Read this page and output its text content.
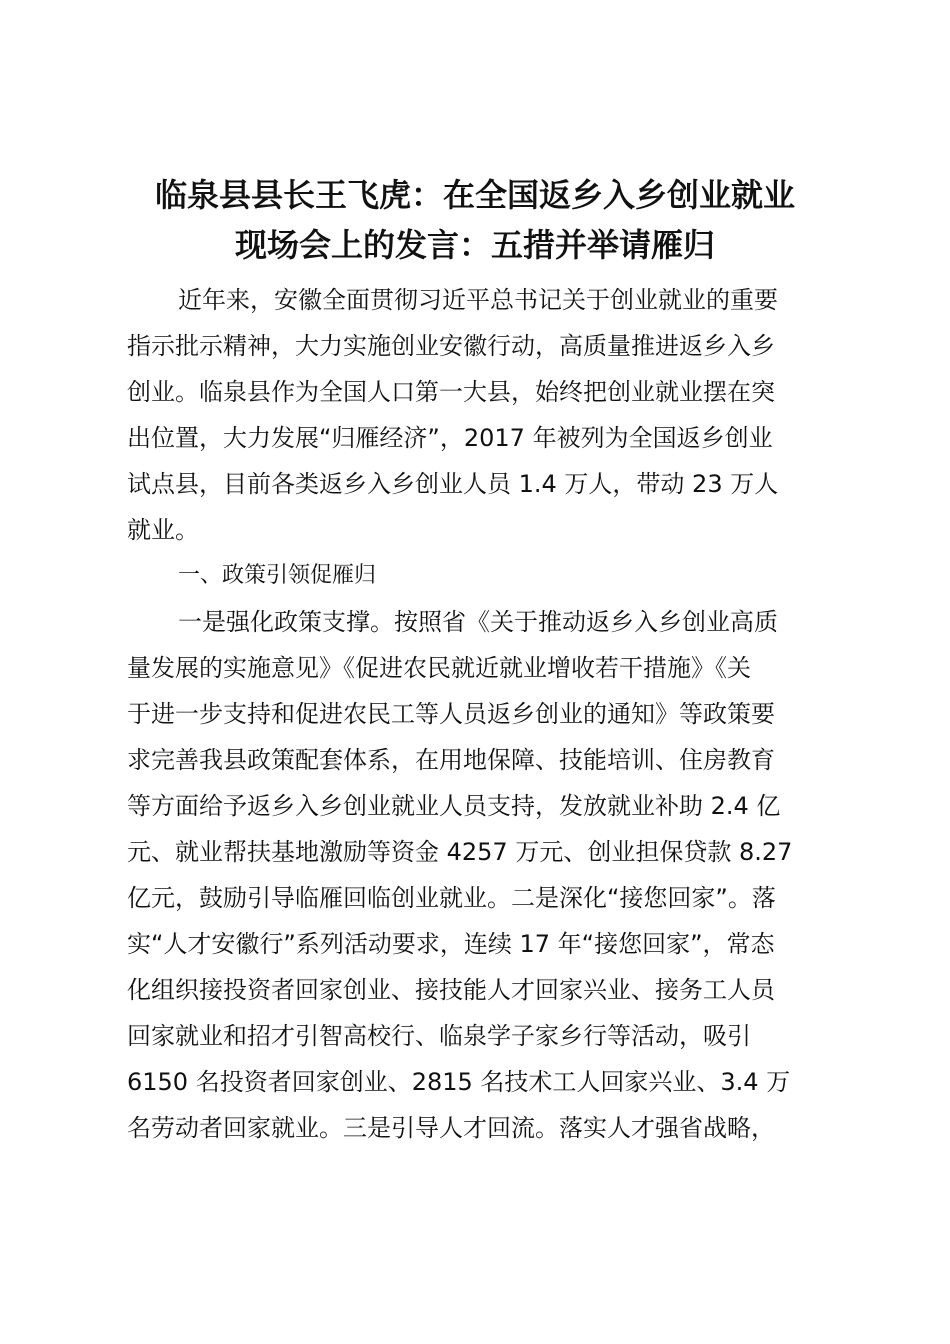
临泉县县长王飞虎：在全国返乡入乡创业就业
现场会上的发言：五措并举请雁归
近年来，安徽全面贯彻习近平总书记关于创业就业的重要
指示批示精神，大力实施创业安徽行动，高质量推进返乡入乡
创业。临泉县作为全国人口第一大县，始终把创业就业摆在突
出位置，大力发展“归雁经济”，2017 年被列为全国返乡创业
试点县，目前各类返乡入乡创业人员 1.4 万人，带动 23 万人
就业。
一、政策引领促雁归
一是强化政策支撑。按照省《关于推动返乡入乡创业高质
量发展的实施意见》《促进农民就近就业增收若干措施》《关
于进一步支持和促进农民工等人员返乡创业的通知》等政策要
求完善我县政策配套体系，在用地保障、技能培训、住房教育
等方面给予返乡入乡创业就业人员支持，发放就业补助 2.4 亿
元、就业帮扶基地激励等资金 4257 万元、创业担保贷款 8.27
亿元，鼓励引导临雁回临创业就业。二是深化“接您回家”。落
实“人才安徽行”系列活动要求，连续 17 年“接您回家”，常态
化组织接投资者回家创业、接技能人才回家兴业、接务工人员
回家就业和招才引智高校行、临泉学子家乡行等活动，吸引
6150 名投资者回家创业、2815 名技术工人回家兴业、3.4 万
名劳动者回家就业。三是引导人才回流。落实人才强省战略，
